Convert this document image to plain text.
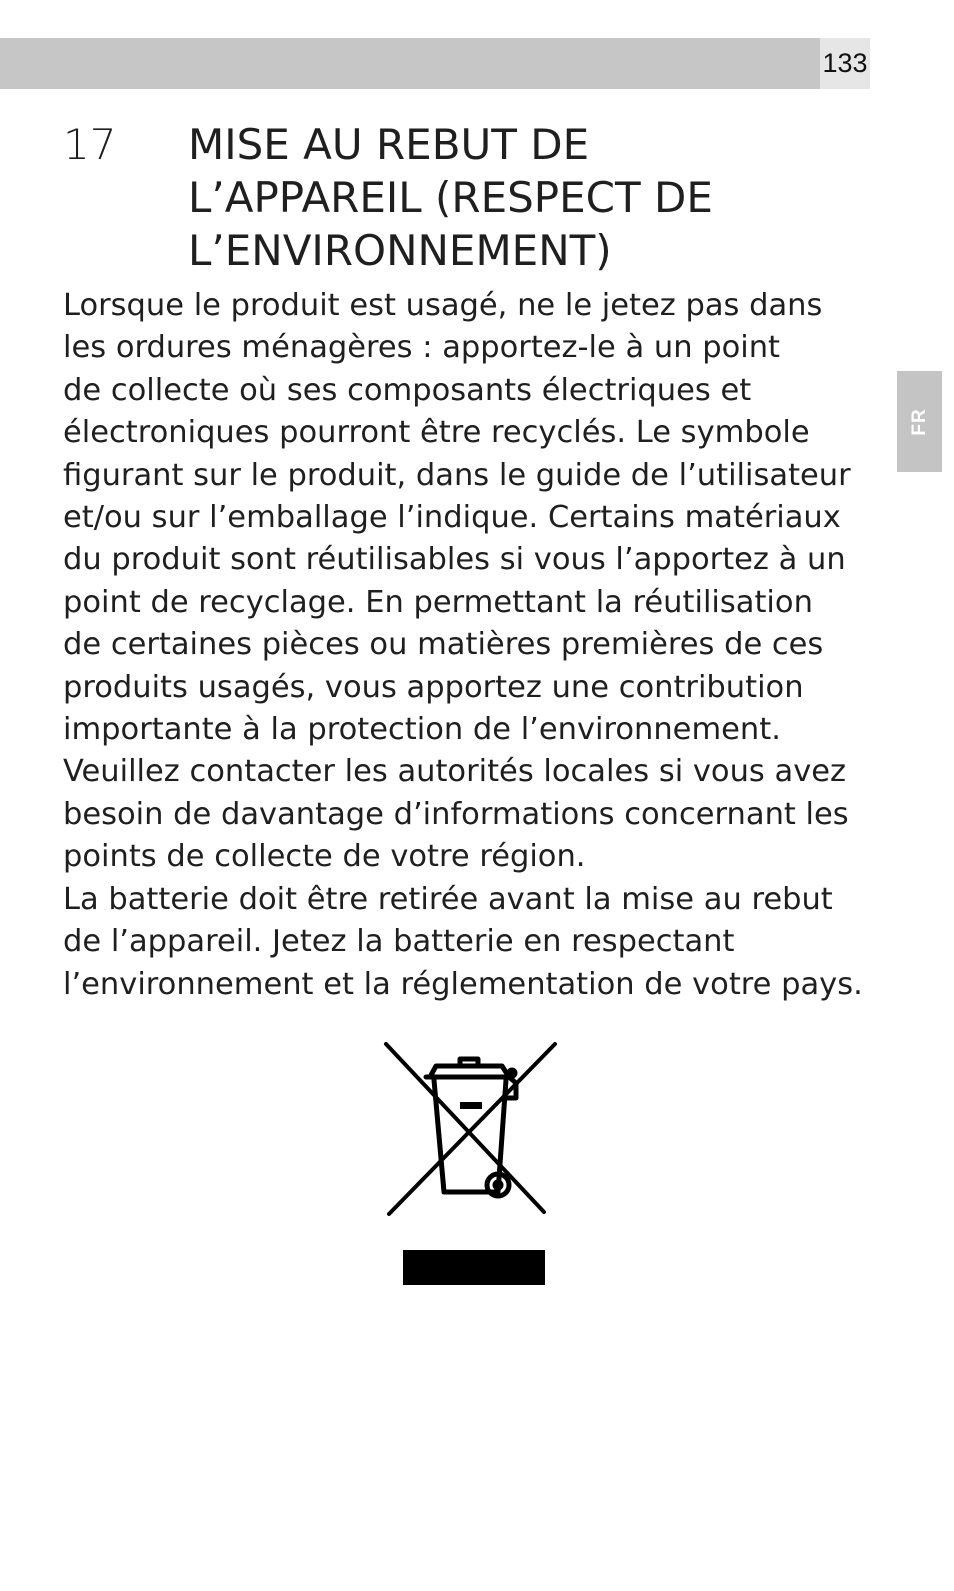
133
FR
17 MISE AU REBUT DE
L’APPAREIL (RESPECT DE
L’ENVIRONNEMENT)
Lorsque le produit est usagé, ne le jetez pas dans
les ordures ménagères : apportez-le à un point
de collecte où ses composants électriques et
électroniques pourront être recyclés. Le symbole
figurant sur le produit, dans le guide de l’utilisateur
et/ou sur l’emballage l’indique. Certains matériaux
du produit sont réutilisables si vous l’apportez à un
point de recyclage. En permettant la réutilisation
de certaines pièces ou matières premières de ces
produits usagés, vous apportez une contribution
importante à la protection de l’environnement.
Veuillez contacter les autorités locales si vous avez
besoin de davantage d’informations concernant les
points de collecte de votre région.
La batterie doit être retirée avant la mise au rebut
de l’appareil. Jetez la batterie en respectant
l’environnement et la réglementation de votre pays.
